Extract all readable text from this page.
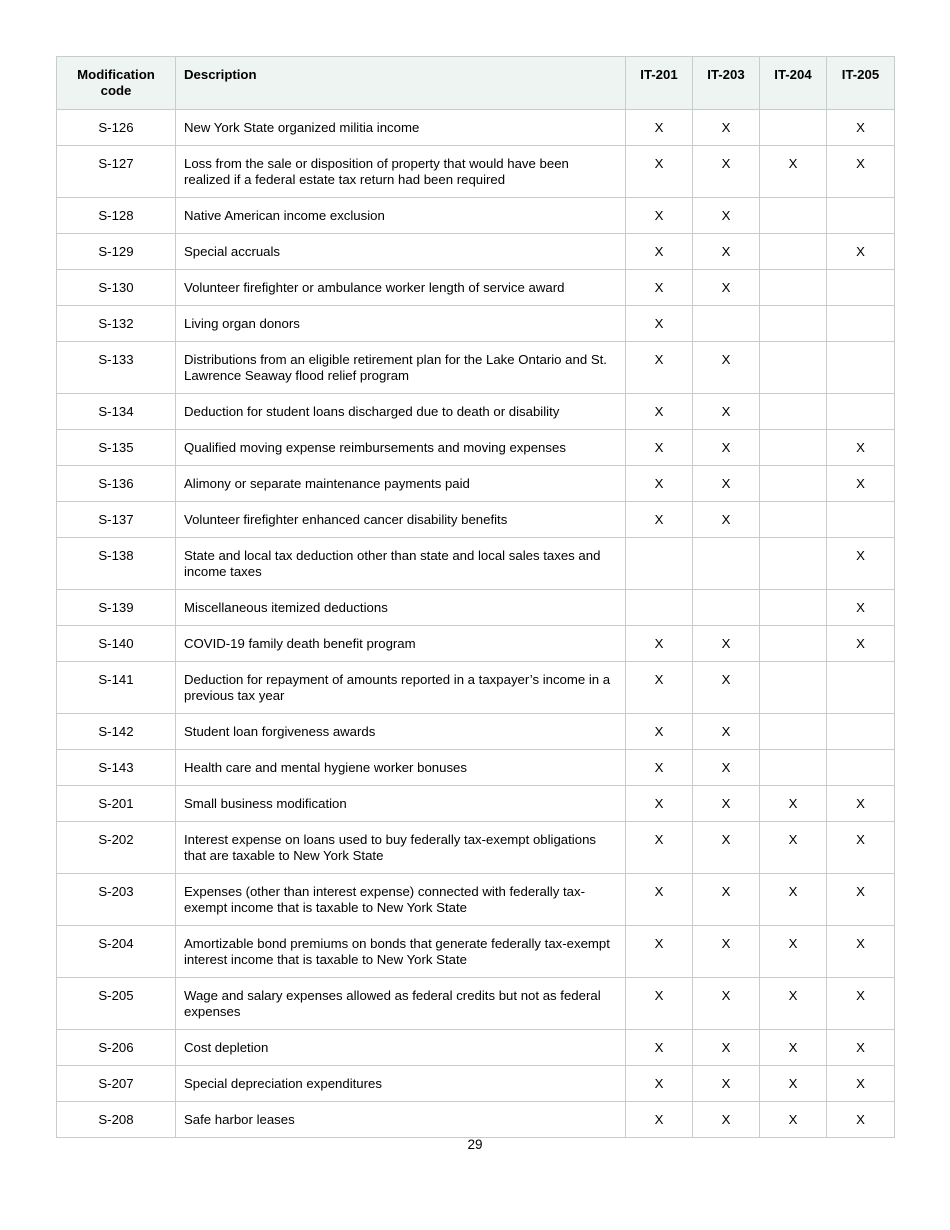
Modification code	Description	IT-201	IT-203	IT-204	IT-205
S-126	New York State organized militia income	X	X		X
S-127	Loss from the sale or disposition of property that would have been realized if a federal estate tax return had been required	X	X	X	X
S-128	Native American income exclusion	X	X		
S-129	Special accruals	X	X		X
S-130	Volunteer firefighter or ambulance worker length of service award	X	X		
S-132	Living organ donors	X			
S-133	Distributions from an eligible retirement plan for the Lake Ontario and St. Lawrence Seaway flood relief program	X	X		
S-134	Deduction for student loans discharged due to death or disability	X	X		
S-135	Qualified moving expense reimbursements and moving expenses	X	X		X
S-136	Alimony or separate maintenance payments paid	X	X		X
S-137	Volunteer firefighter enhanced cancer disability benefits	X	X		
S-138	State and local tax deduction other than state and local sales taxes and income taxes				X
S-139	Miscellaneous itemized deductions				X
S-140	COVID-19 family death benefit program	X	X		X
S-141	Deduction for repayment of amounts reported in a taxpayer’s income in a previous tax year	X	X		
S-142	Student loan forgiveness awards	X	X		
S-143	Health care and mental hygiene worker bonuses	X	X		
S-201	Small business modification	X	X	X	X
S-202	Interest expense on loans used to buy federally tax-exempt obligations that are taxable to New York State	X	X	X	X
S-203	Expenses (other than interest expense) connected with federally tax-exempt income that is taxable to New York State	X	X	X	X
S-204	Amortizable bond premiums on bonds that generate federally tax-exempt interest income that is taxable to New York State	X	X	X	X
S-205	Wage and salary expenses allowed as federal credits but not as federal expenses	X	X	X	X
S-206	Cost depletion	X	X	X	X
S-207	Special depreciation expenditures	X	X	X	X
S-208	Safe harbor leases	X	X	X	X
29
